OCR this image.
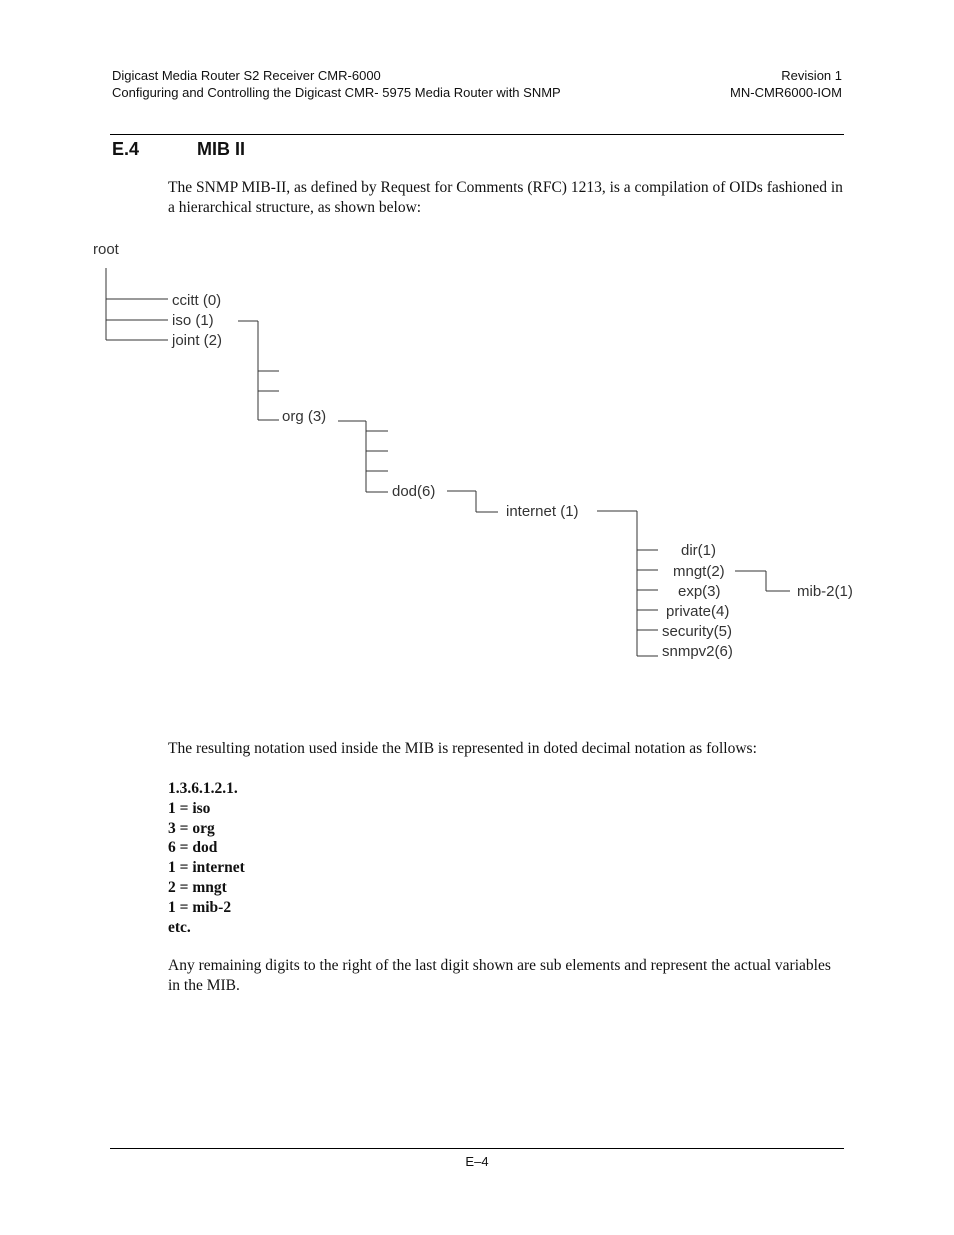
Digicast Media Router S2 Receiver CMR-6000
Configuring and Controlling the Digicast CMR‐ 5975 Media Router with SNMP
Revision 1
MN-CMR6000-IOM
E.4	MIB II

The SNMP MIB-II, as defined by Request for Comments (RFC) 1213, is a compilation of OIDs fashioned in a hierarchical structure, as shown below:

root
ccitt (0)
iso (1)
joint (2)
org (3)
dod(6)
internet (1)
dir(1)
mngt(2)
exp(3)
private(4)
security(5)
snmpv2(6)
mib-2(1)

The resulting notation used inside the MIB is represented in doted decimal notation as follows:

1.3.6.1.2.1.
1 = iso
3 = org
6 = dod
1 = internet
2 = mngt
1 = mib-2
etc.

Any remaining digits to the right of the last digit shown are sub elements and represent the actual variables in the MIB.

E–4
